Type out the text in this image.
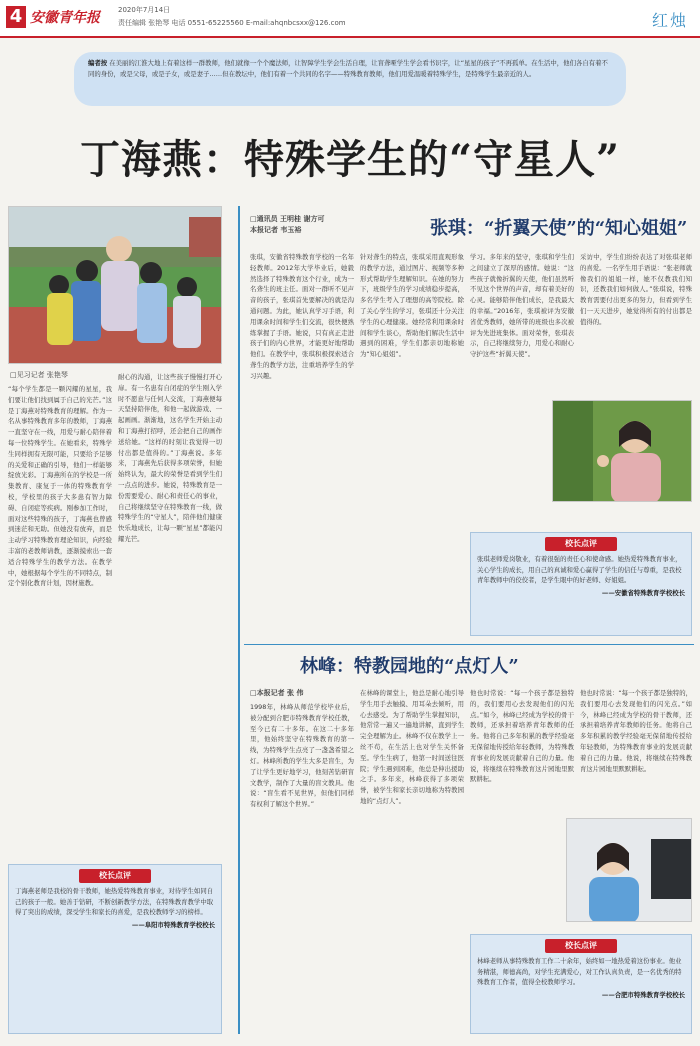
4 安徽青年报	2020年7月14日
责任编辑 张艳琴 电话 0551-65225560 E-mail:ahqnbcsxx@126.com	红烛
编者按 在美丽的江淮大地上有着这样一群教师，他们就像一个个魔法师，让智障学生学会生活自理，让盲聋哑学生学会看书识字，让“星星的孩子”不再孤单。在生活中，他们各自有着不同的身份，或是父母，或是子女，或是妻子……但在教坛中，他们有着一个共同的名字——特殊教育教师，他们用爱温暖着特殊学生，是特殊学生最亲近的人。
丁海燕：特殊学生的“守星人”
□见习记者 张艳琴
“每个学生都是一颗闪耀的星星，我们要让他们找到属于自己的光芒。”这是丁海燕对特殊教育的理解。作为一名从事特殊教育多年的教师，丁海燕一直坚守在一线，用爱与耐心陪伴着每一位特殊学生。在她看来，特殊学生同样拥有无限可能，只要给予足够的关爱和正确的引导，他们一样能够绽放光彩。丁海燕所在的学校是一所集教育、康复于一体的特殊教育学校，学校里的孩子大多患有智力障碍、自闭症等疾病。刚参加工作时，面对这些特殊的孩子，丁海燕也曾感到迷茫和无助。但她没有放弃，而是主动学习特殊教育理论知识，向经验丰富的老教师请教，逐渐摸索出一套适合特殊学生的教学方法。在教学中，她根据每个学生的不同特点，制定个别化教育计划，因材施教。
耐心的沟通，让这些孩子慢慢打开心扉。有一名患有自闭症的学生刚入学时不愿意与任何人交流，丁海燕便每天坚持陪伴他，和他一起做游戏、一起画画。渐渐地，这名学生开始主动和丁海燕打招呼，还会把自己的画作送给她。“这样的时刻让我觉得一切付出都是值得的。”丁海燕说。多年来，丁海燕先后获得多项荣誉，但她始终认为，最大的荣誉是看到学生们一点点的进步。她说，特殊教育是一份需要爱心、耐心和责任心的事业，自己将继续坚守在特殊教育一线，做特殊学生的“守星人”，陪伴他们健康快乐地成长，让每一颗“星星”都能闪耀光芒。
校长点评
丁海燕老师是我校的骨干教师，她热爱特殊教育事业，对待学生如同自己的孩子一般。她善于钻研，不断创新教学方法，在特殊教育教学中取得了突出的成绩，深受学生和家长的喜爱，是我校教师学习的榜样。
——阜阳市特殊教育学校校长
□通讯员 王明桂 谢方可
本报记者 韦玉裕	张琪：“折翼天使”的“知心姐姐”
张琪，安徽省特殊教育学校的一名年轻教师。2012年大学毕业后，她毅然选择了特殊教育这个行业，成为一名聋生的班主任。面对一群听不见声音的孩子，张琪首先要解决的就是沟通问题。为此，她认真学习手语，利用课余时间和学生们交流，很快便熟练掌握了手语。她说，只有真正走进孩子们的内心世界，才能更好地帮助他们。在教学中，张琪积极探索适合聋生的教学方法，注重培养学生的学习兴趣。
针对聋生的特点，张琪采用直观形象的教学方法，通过图片、视频等多种形式帮助学生理解知识。在她的努力下，班级学生的学习成绩稳步提高，多名学生考入了理想的高等院校。除了关心学生的学习，张琪还十分关注学生的心理健康。她经常利用课余时间和学生谈心，帮助他们解决生活中遇到的困难，学生们都亲切地称她为“知心姐姐”。
学习。多年来的坚守，张琪和学生们之间建立了深厚的感情。她说：“这些孩子就像折翼的天使，他们虽然听不见这个世界的声音，却有着美好的心灵。能够陪伴他们成长，是我最大的幸福。”2016年，张琪被评为安徽省优秀教师，她所带的班级也多次被评为先进班集体。面对荣誉，张琪表示，自己将继续努力，用爱心和耐心守护这些“折翼天使”。
采访中，学生们纷纷表达了对张琪老师的喜爱。一名学生用手语说：“张老师就像我们的姐姐一样，她不仅教我们知识，还教我们如何做人。”张琪说，特殊教育需要付出更多的努力，但看到学生们一天天进步，她觉得所有的付出都是值得的。
校长点评
张琪老师爱岗敬业，有着很强的责任心和使命感。她热爱特殊教育事业，关心学生的成长，用自己的真诚和爱心赢得了学生的信任与尊重，是我校青年教师中的佼佼者，是学生眼中的好老师、好姐姐。
——安徽省特殊教育学校校长
林峰：特教园地的“点灯人”
□本报记者 张 伟
1998年，林峰从师范学校毕业后，被分配到合肥市特殊教育学校任教，至今已有二十多年。在这二十多年里，他始终坚守在特殊教育的第一线，为特殊学生点亮了一盏盏希望之灯。林峰所教的学生大多是盲生，为了让学生更好地学习，他刻苦钻研盲文教学，制作了大量的盲文教具。他说：“盲生看不见世界，但他们同样有权利了解这个世界。”
在林峰的课堂上，他总是耐心地引导学生用手去触摸、用耳朵去倾听，用心去感受。为了帮助学生掌握知识，他常常一遍又一遍地讲解，直到学生完全理解为止。林峰不仅在教学上一丝不苟，在生活上也对学生关怀备至。学生生病了，他第一时间送往医院；学生遇到困难，他总是伸出援助之手。多年来，林峰获得了多项荣誉，被学生和家长亲切地称为特教园地的“点灯人”。
他也时常说：“每一个孩子都是独特的，我们要用心去发现他们的闪光点。”如今，林峰已经成为学校的骨干教师，还承担着培养青年教师的任务。他将自己多年积累的教学经验毫无保留地传授给年轻教师，为特殊教育事业的发展贡献着自己的力量。他说，将继续在特殊教育这片园地里默默耕耘。
他也时常说：“每一个孩子都是独特的，我们要用心去发现他们的闪光点。”如今，林峰已经成为学校的骨干教师，还承担着培养青年教师的任务。他将自己多年积累的教学经验毫无保留地传授给年轻教师，为特殊教育事业的发展贡献着自己的力量。他说，将继续在特殊教育这片园地里默默耕耘。
校长点评
林峰老师从事特殊教育工作二十余年，始终如一地热爱着这份事业。他业务精湛，师德高尚，对学生充满爱心，对工作认真负责，是一名优秀的特殊教育工作者，值得全校教师学习。
——合肥市特殊教育学校校长
